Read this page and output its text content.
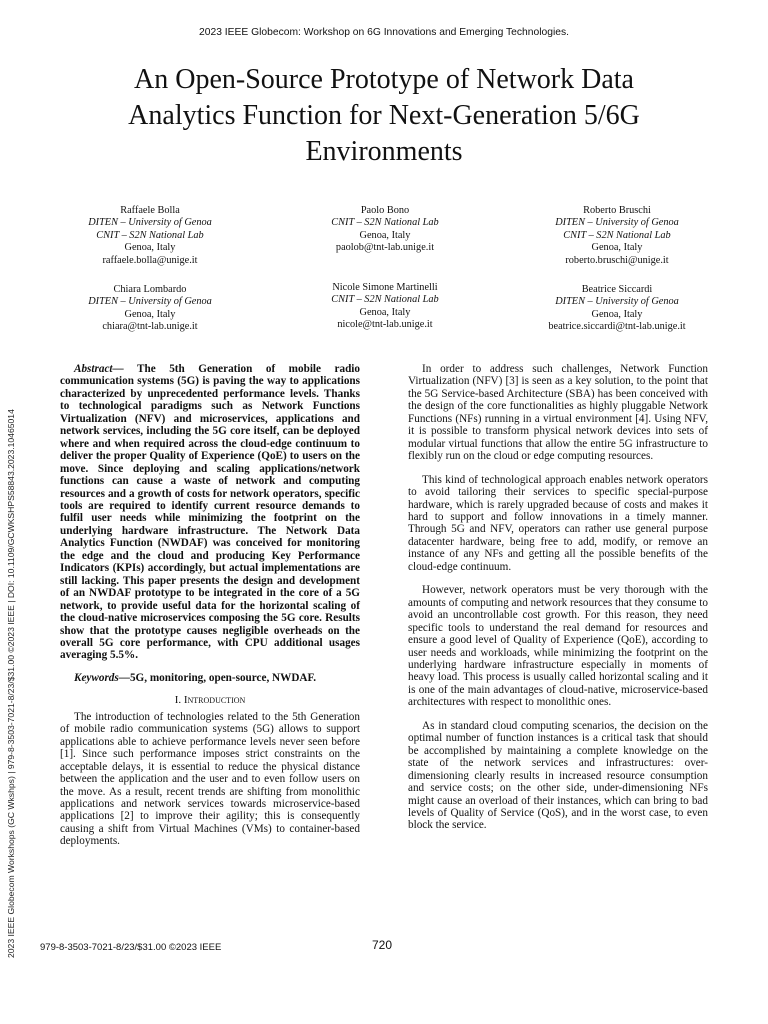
2023 IEEE Globecom: Workshop on 6G Innovations and Emerging Technologies.
An Open-Source Prototype of Network Data Analytics Function for Next-Generation 5/6G Environments
Raffaele Bolla
DITEN – University of Genoa
CNIT – S2N National Lab
Genoa, Italy
raffaele.bolla@unige.it
Paolo Bono
CNIT – S2N National Lab
Genoa, Italy
paolob@tnt-lab.unige.it
Roberto Bruschi
DITEN – University of Genoa
CNIT – S2N National Lab
Genoa, Italy
roberto.bruschi@unige.it
Chiara Lombardo
DITEN – University of Genoa
Genoa, Italy
chiara@tnt-lab.unige.it
Nicole Simone Martinelli
CNIT – S2N National Lab
Genoa, Italy
nicole@tnt-lab.unige.it
Beatrice Siccardi
DITEN – University of Genoa
Genoa, Italy
beatrice.siccardi@tnt-lab.unige.it

Abstract— The 5th Generation of mobile radio communication systems (5G) is paving the way to applications characterized by unprecedented performance levels. Thanks to technological paradigms such as Network Functions Virtualization (NFV) and microservices, applications and network services, including the 5G core itself, can be deployed where and when required across the cloud-edge continuum to deliver the proper Quality of Experience (QoE) to users on the move. Since deploying and scaling applications/network functions can cause a waste of network and computing resources and a growth of costs for network operators, specific tools are required to identify current resource demands to fulfil user needs while minimizing the footprint on the underlying hardware infrastructure. The Network Data Analytics Function (NWDAF) was conceived for monitoring the edge and the cloud and producing Key Performance Indicators (KPIs) accordingly, but actual implementations are still lacking. This paper presents the design and development of an NWDAF prototype to be integrated in the core of a 5G network, to provide useful data for the horizontal scaling of the cloud-native microservices composing the 5G core. Results show that the prototype causes negligible overheads on the overall 5G core performance, with CPU additional usages averaging 5.5%.

Keywords—5G, monitoring, open-source, NWDAF.

I. Introduction

The introduction of technologies related to the 5th Generation of mobile radio communication systems (5G) allows to support applications able to achieve performance levels never seen before [1]. Since such performance imposes strict constraints on the acceptable delays, it is essential to reduce the physical distance between the application and the user and to even follow users on the move. As a result, recent trends are shifting from monolithic applications and network services towards microservice-based applications [2] to improve their agility; this is consequently causing a shift from Virtual Machines (VMs) to container-based deployments.

In order to address such challenges, Network Function Virtualization (NFV) [3] is seen as a key solution, to the point that the 5G Service-based Architecture (SBA) has been conceived with the design of the core functionalities as highly pluggable Network Functions (NFs) running in a virtual environment [4]. Using NFV, it is possible to transform physical network devices into sets of modular virtual functions that allow the entire 5G infrastructure to flexibly run on the cloud or edge computing resources.

This kind of technological approach enables network operators to avoid tailoring their services to specific special-purpose hardware, which is rarely upgraded because of costs and makes it hard to support and follow innovations in a timely manner. Through 5G and NFV, operators can rather use general purpose datacenter hardware, being free to add, modify, or remove an instance of any NFs and getting all the possible benefits of the cloud-edge continuum.

However, network operators must be very thorough with the amounts of computing and network resources that they consume to avoid an uncontrollable cost growth. For this reason, they need specific tools to understand the real demand for resources and ensure a good level of Quality of Experience (QoE), according to user needs and workloads, while minimizing the footprint on the underlying hardware infrastructure especially in moments of heavy load. This process is usually called horizontal scaling and it is one of the main advantages of cloud-native, microservice-based architectures with respect to monolithic ones.

As in standard cloud computing scenarios, the decision on the optimal number of function instances is a critical task that should be accomplished by maintaining a complete knowledge on the state of the network services and infrastructures: over-dimensioning clearly results in increased resource consumption and service costs; on the other side, under-dimensioning NFs might cause an overload of their instances, which can bring to bad levels of Quality of Service (QoS), and in the worst case, to even block the service.

2023 IEEE Globecom Workshops (GC Wkshps) | 979-8-3503-7021-8/23/$31.00 ©2023 IEEE | DOI: 10.1109/GCWKSHPS58843.2023.10465014	979-8-3503-7021-8/23/$31.00 ©2023 IEEE	720
